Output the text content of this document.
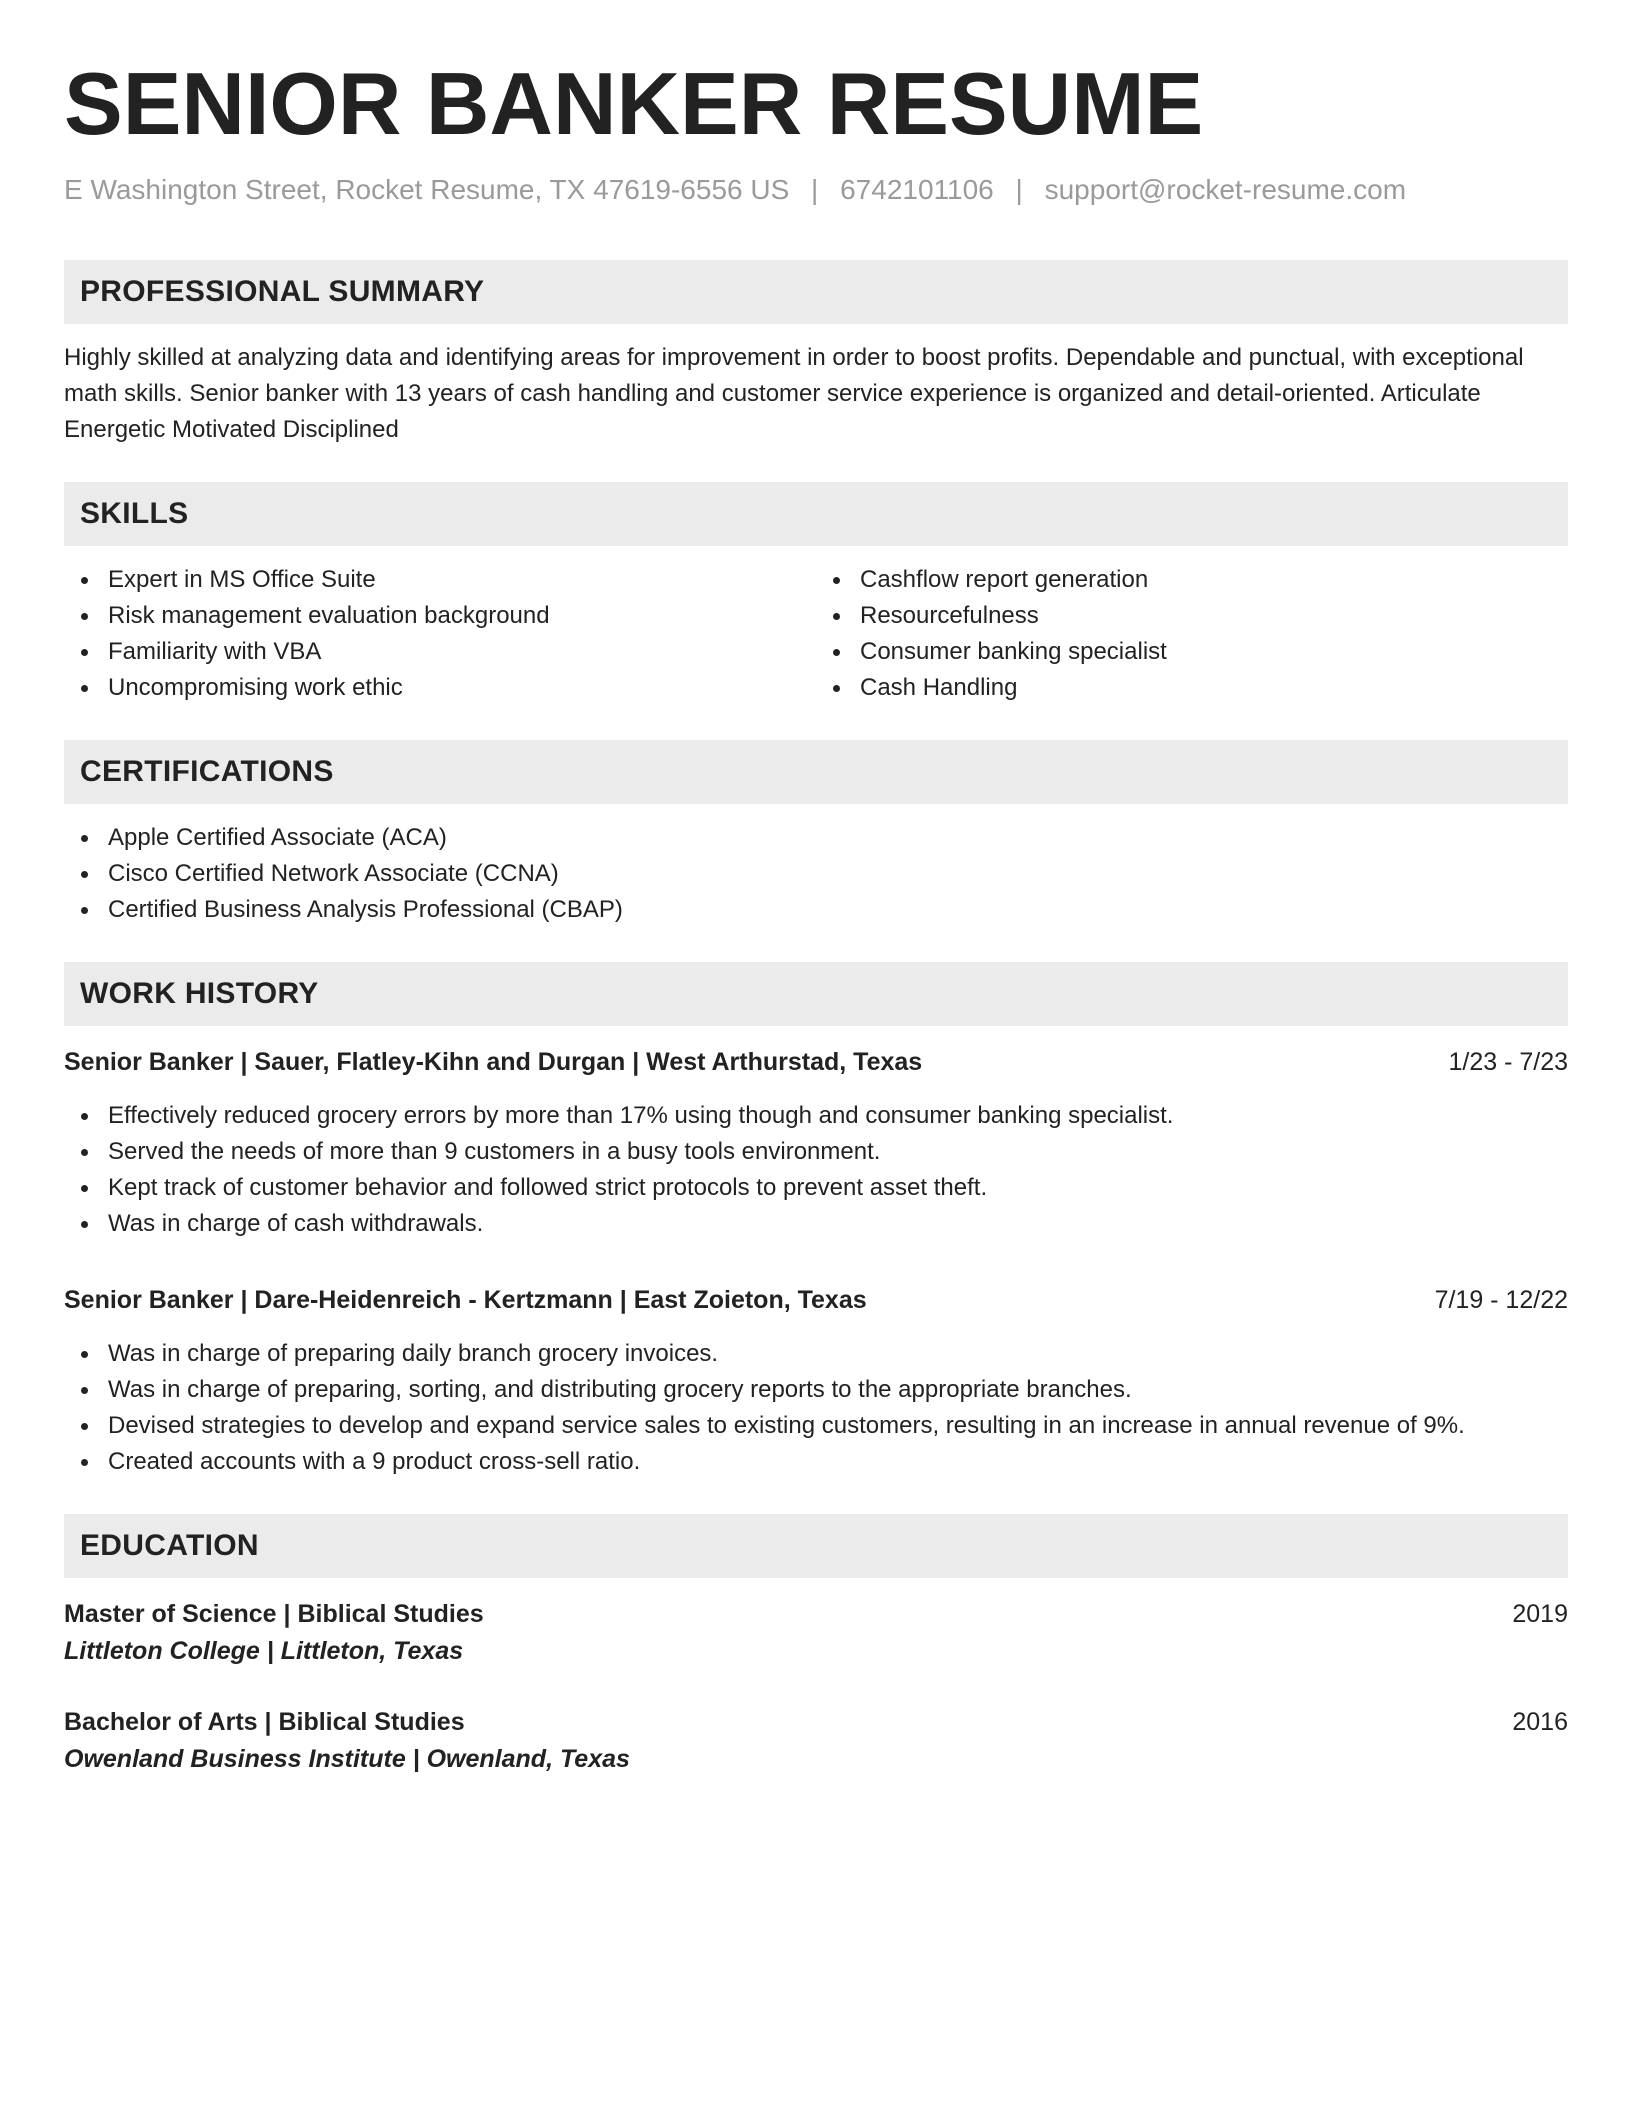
SENIOR BANKER RESUME
E Washington Street, Rocket Resume, TX 47619-6556 US | 6742101106 | support@rocket-resume.com
PROFESSIONAL SUMMARY
Highly skilled at analyzing data and identifying areas for improvement in order to boost profits. Dependable and punctual, with exceptional math skills. Senior banker with 13 years of cash handling and customer service experience is organized and detail-oriented. Articulate Energetic Motivated Disciplined
SKILLS
Expert in MS Office Suite
Risk management evaluation background
Familiarity with VBA
Uncompromising work ethic
Cashflow report generation
Resourcefulness
Consumer banking specialist
Cash Handling
CERTIFICATIONS
Apple Certified Associate (ACA)
Cisco Certified Network Associate (CCNA)
Certified Business Analysis Professional (CBAP)
WORK HISTORY
Senior Banker | Sauer, Flatley-Kihn and Durgan | West Arthurstad, Texas	1/23 - 7/23
Effectively reduced grocery errors by more than 17% using though and consumer banking specialist.
Served the needs of more than 9 customers in a busy tools environment.
Kept track of customer behavior and followed strict protocols to prevent asset theft.
Was in charge of cash withdrawals.
Senior Banker | Dare-Heidenreich - Kertzmann | East Zoieton, Texas	7/19 - 12/22
Was in charge of preparing daily branch grocery invoices.
Was in charge of preparing, sorting, and distributing grocery reports to the appropriate branches.
Devised strategies to develop and expand service sales to existing customers, resulting in an increase in annual revenue of 9%.
Created accounts with a 9 product cross-sell ratio.
EDUCATION
Master of Science | Biblical Studies	2019
Littleton College | Littleton, Texas
Bachelor of Arts | Biblical Studies	2016
Owenland Business Institute | Owenland, Texas
